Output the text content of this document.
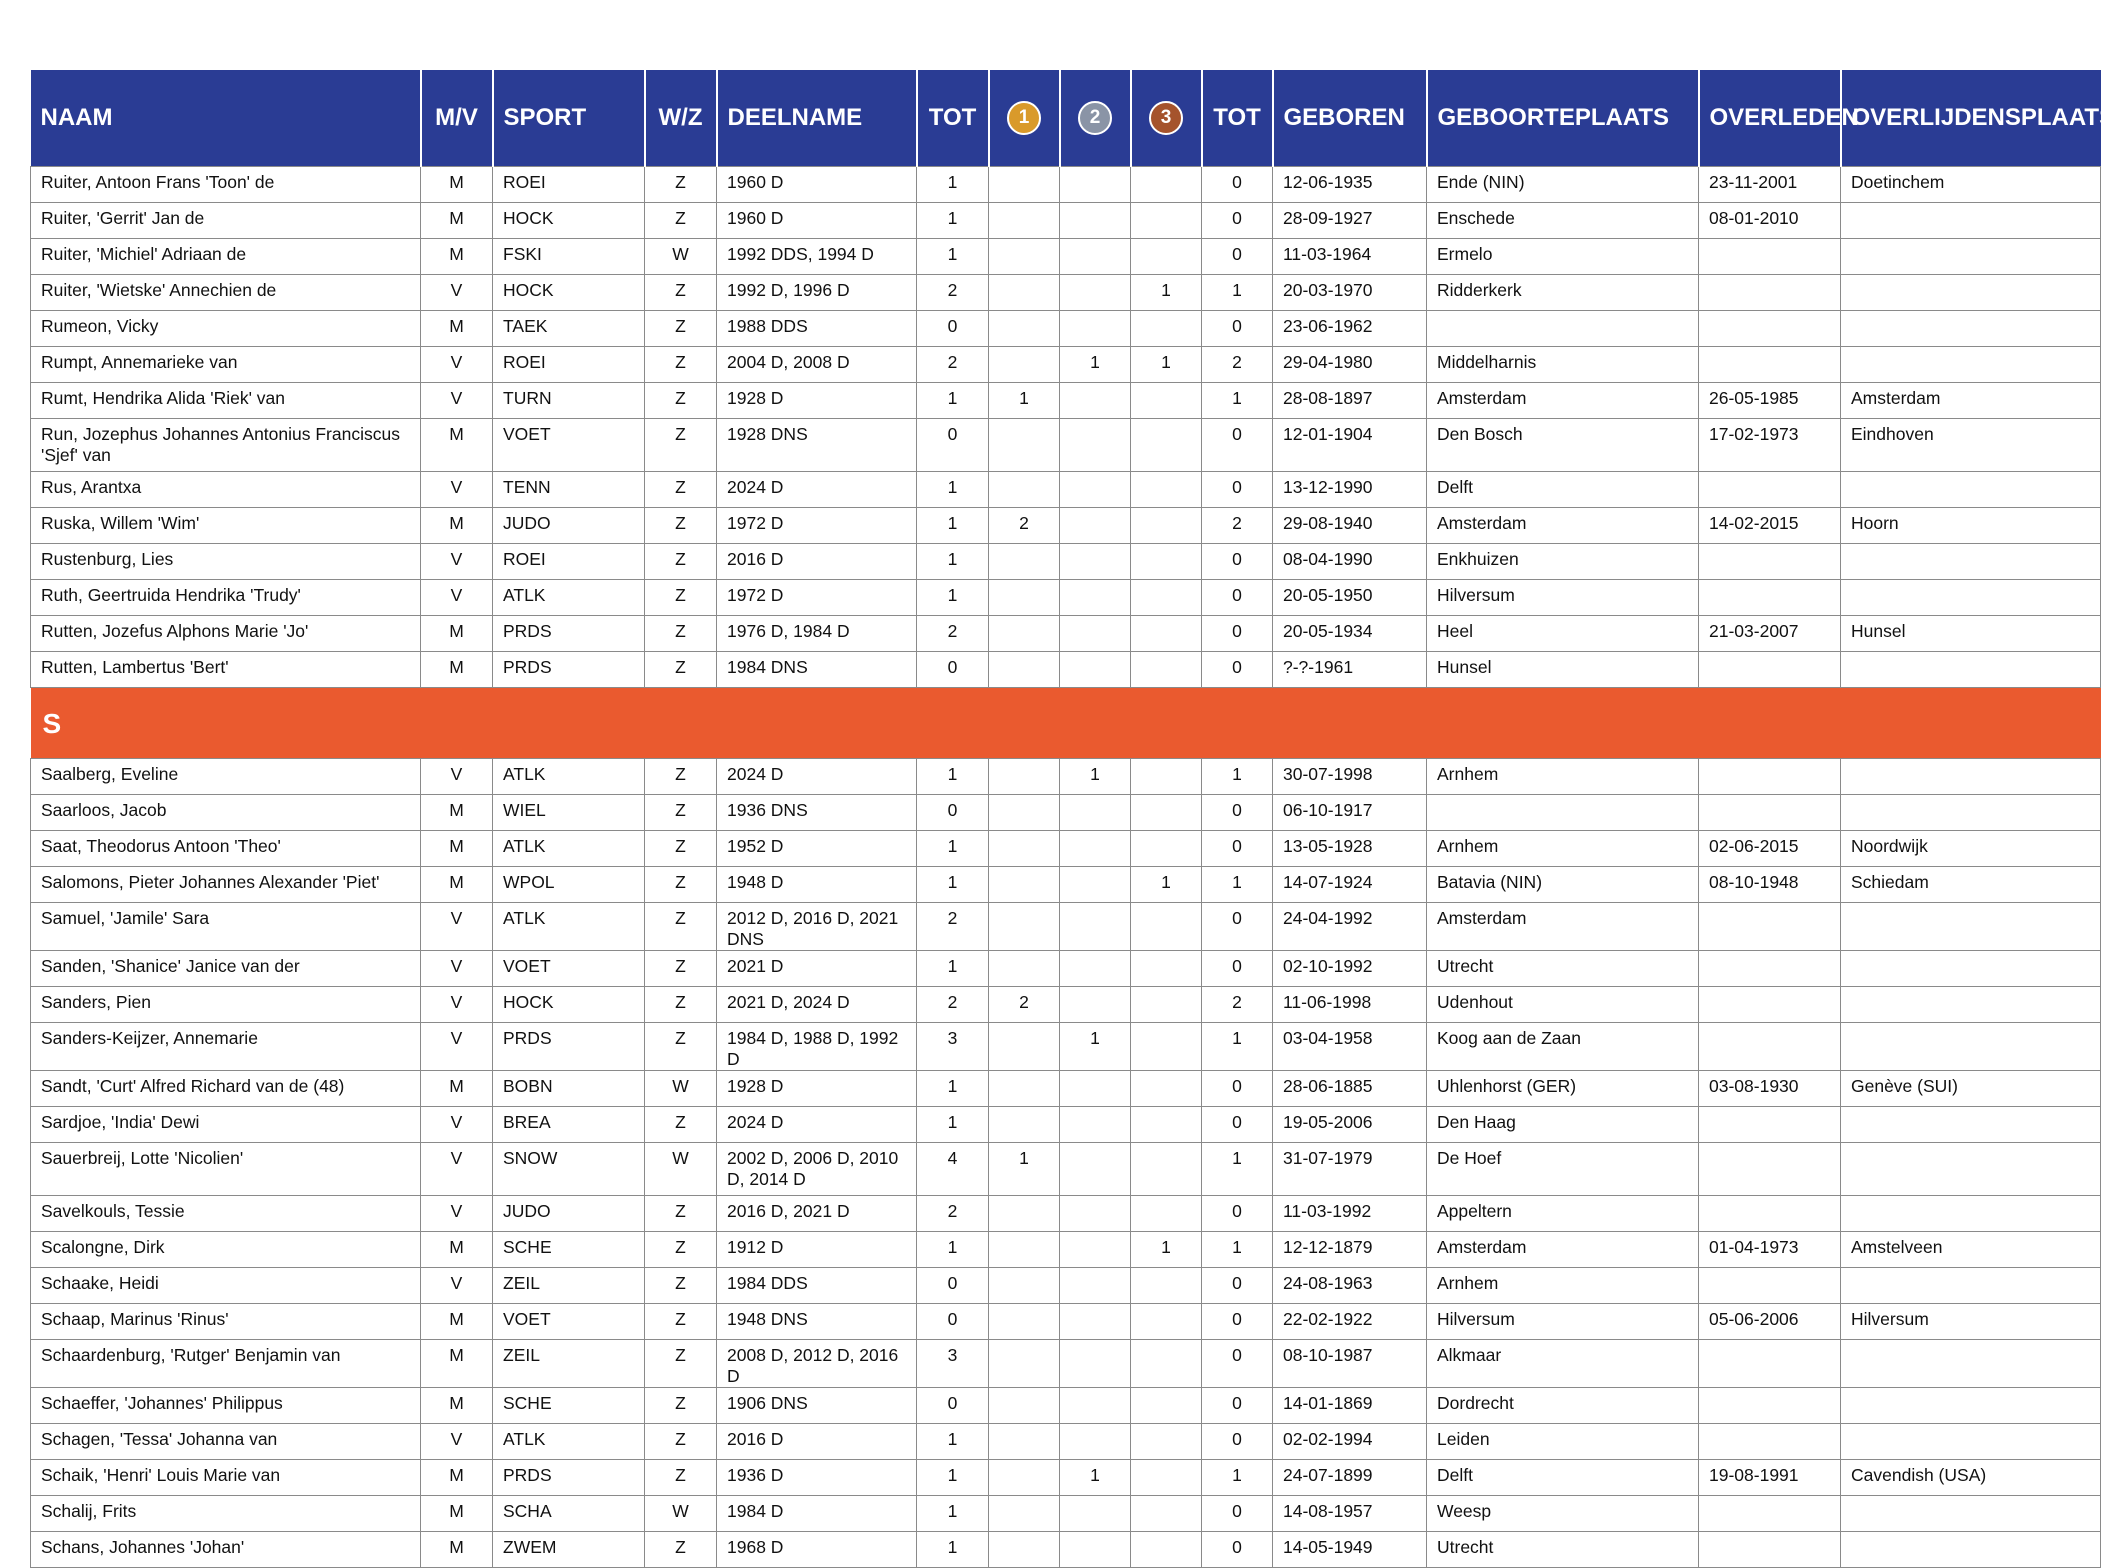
NAAM	M/V	SPORT	W/Z	DEELNAME	TOT	1	2	3	TOT	GEBOREN	GEBOORTEPLAATS	OVERLEDEN	OVERLIJDENSPLAATS
Ruiter, Antoon Frans 'Toon' de	M	ROEI	Z	1960 D	1				0	12-06-1935	Ende (NIN)	23-11-2001	Doetinchem
Ruiter, 'Gerrit' Jan de	M	HOCK	Z	1960 D	1				0	28-09-1927	Enschede	08-01-2010	
Ruiter, 'Michiel' Adriaan de	M	FSKI	W	1992 DDS, 1994 D	1				0	11-03-1964	Ermelo		
Ruiter, 'Wietske' Annechien de	V	HOCK	Z	1992 D, 1996 D	2			1	1	20-03-1970	Ridderkerk		
Rumeon, Vicky	M	TAEK	Z	1988 DDS	0				0	23-06-1962			
Rumpt, Annemarieke van	V	ROEI	Z	2004 D, 2008 D	2		1	1	2	29-04-1980	Middelharnis		
Rumt, Hendrika Alida 'Riek' van	V	TURN	Z	1928 D	1	1			1	28-08-1897	Amsterdam	26-05-1985	Amsterdam
Run, Jozephus Johannes Antonius Franciscus 'Sjef' van	M	VOET	Z	1928 DNS	0				0	12-01-1904	Den Bosch	17-02-1973	Eindhoven
Rus, Arantxa	V	TENN	Z	2024 D	1				0	13-12-1990	Delft		
Ruska, Willem 'Wim'	M	JUDO	Z	1972 D	1	2			2	29-08-1940	Amsterdam	14-02-2015	Hoorn
Rustenburg, Lies	V	ROEI	Z	2016 D	1				0	08-04-1990	Enkhuizen		
Ruth, Geertruida Hendrika 'Trudy'	V	ATLK	Z	1972 D	1				0	20-05-1950	Hilversum		
Rutten, Jozefus Alphons Marie 'Jo'	M	PRDS	Z	1976 D, 1984 D	2				0	20-05-1934	Heel	21-03-2007	Hunsel
Rutten, Lambertus 'Bert'	M	PRDS	Z	1984 DNS	0				0	?-?-1961	Hunsel		
S													
Saalberg, Eveline	V	ATLK	Z	2024 D	1		1		1	30-07-1998	Arnhem		
Saarloos, Jacob	M	WIEL	Z	1936 DNS	0				0	06-10-1917			
Saat, Theodorus Antoon 'Theo'	M	ATLK	Z	1952 D	1				0	13-05-1928	Arnhem	02-06-2015	Noordwijk
Salomons, Pieter Johannes Alexander 'Piet'	M	WPOL	Z	1948 D	1			1	1	14-07-1924	Batavia (NIN)	08-10-1948	Schiedam
Samuel, 'Jamile' Sara	V	ATLK	Z	2012 D, 2016 D, 2021 DNS	2				0	24-04-1992	Amsterdam		
Sanden, 'Shanice' Janice van der	V	VOET	Z	2021 D	1				0	02-10-1992	Utrecht		
Sanders, Pien	V	HOCK	Z	2021 D, 2024 D	2	2			2	11-06-1998	Udenhout		
Sanders-Keijzer, Annemarie	V	PRDS	Z	1984 D, 1988 D, 1992 D	3		1		1	03-04-1958	Koog aan de Zaan		
Sandt, 'Curt' Alfred Richard van de (48)	M	BOBN	W	1928 D	1				0	28-06-1885	Uhlenhorst (GER)	03-08-1930	Genève (SUI)
Sardjoe, 'India' Dewi	V	BREA	Z	2024 D	1				0	19-05-2006	Den Haag		
Sauerbreij, Lotte 'Nicolien'	V	SNOW	W	2002 D, 2006 D, 2010 D, 2014 D	4	1			1	31-07-1979	De Hoef		
Savelkouls, Tessie	V	JUDO	Z	2016 D, 2021 D	2				0	11-03-1992	Appeltern		
Scalongne, Dirk	M	SCHE	Z	1912 D	1			1	1	12-12-1879	Amsterdam	01-04-1973	Amstelveen
Schaake, Heidi	V	ZEIL	Z	1984 DDS	0				0	24-08-1963	Arnhem		
Schaap, Marinus 'Rinus'	M	VOET	Z	1948 DNS	0				0	22-02-1922	Hilversum	05-06-2006	Hilversum
Schaardenburg, 'Rutger' Benjamin van	M	ZEIL	Z	2008 D, 2012 D, 2016 D	3				0	08-10-1987	Alkmaar		
Schaeffer, 'Johannes' Philippus	M	SCHE	Z	1906 DNS	0				0	14-01-1869	Dordrecht		
Schagen, 'Tessa' Johanna van	V	ATLK	Z	2016 D	1				0	02-02-1994	Leiden		
Schaik, 'Henri' Louis Marie van	M	PRDS	Z	1936 D	1		1		1	24-07-1899	Delft	19-08-1991	Cavendish (USA)
Schalij, Frits	M	SCHA	W	1984 D	1				0	14-08-1957	Weesp		
Schans, Johannes 'Johan'	M	ZWEM	Z	1968 D	1				0	14-05-1949	Utrecht		
